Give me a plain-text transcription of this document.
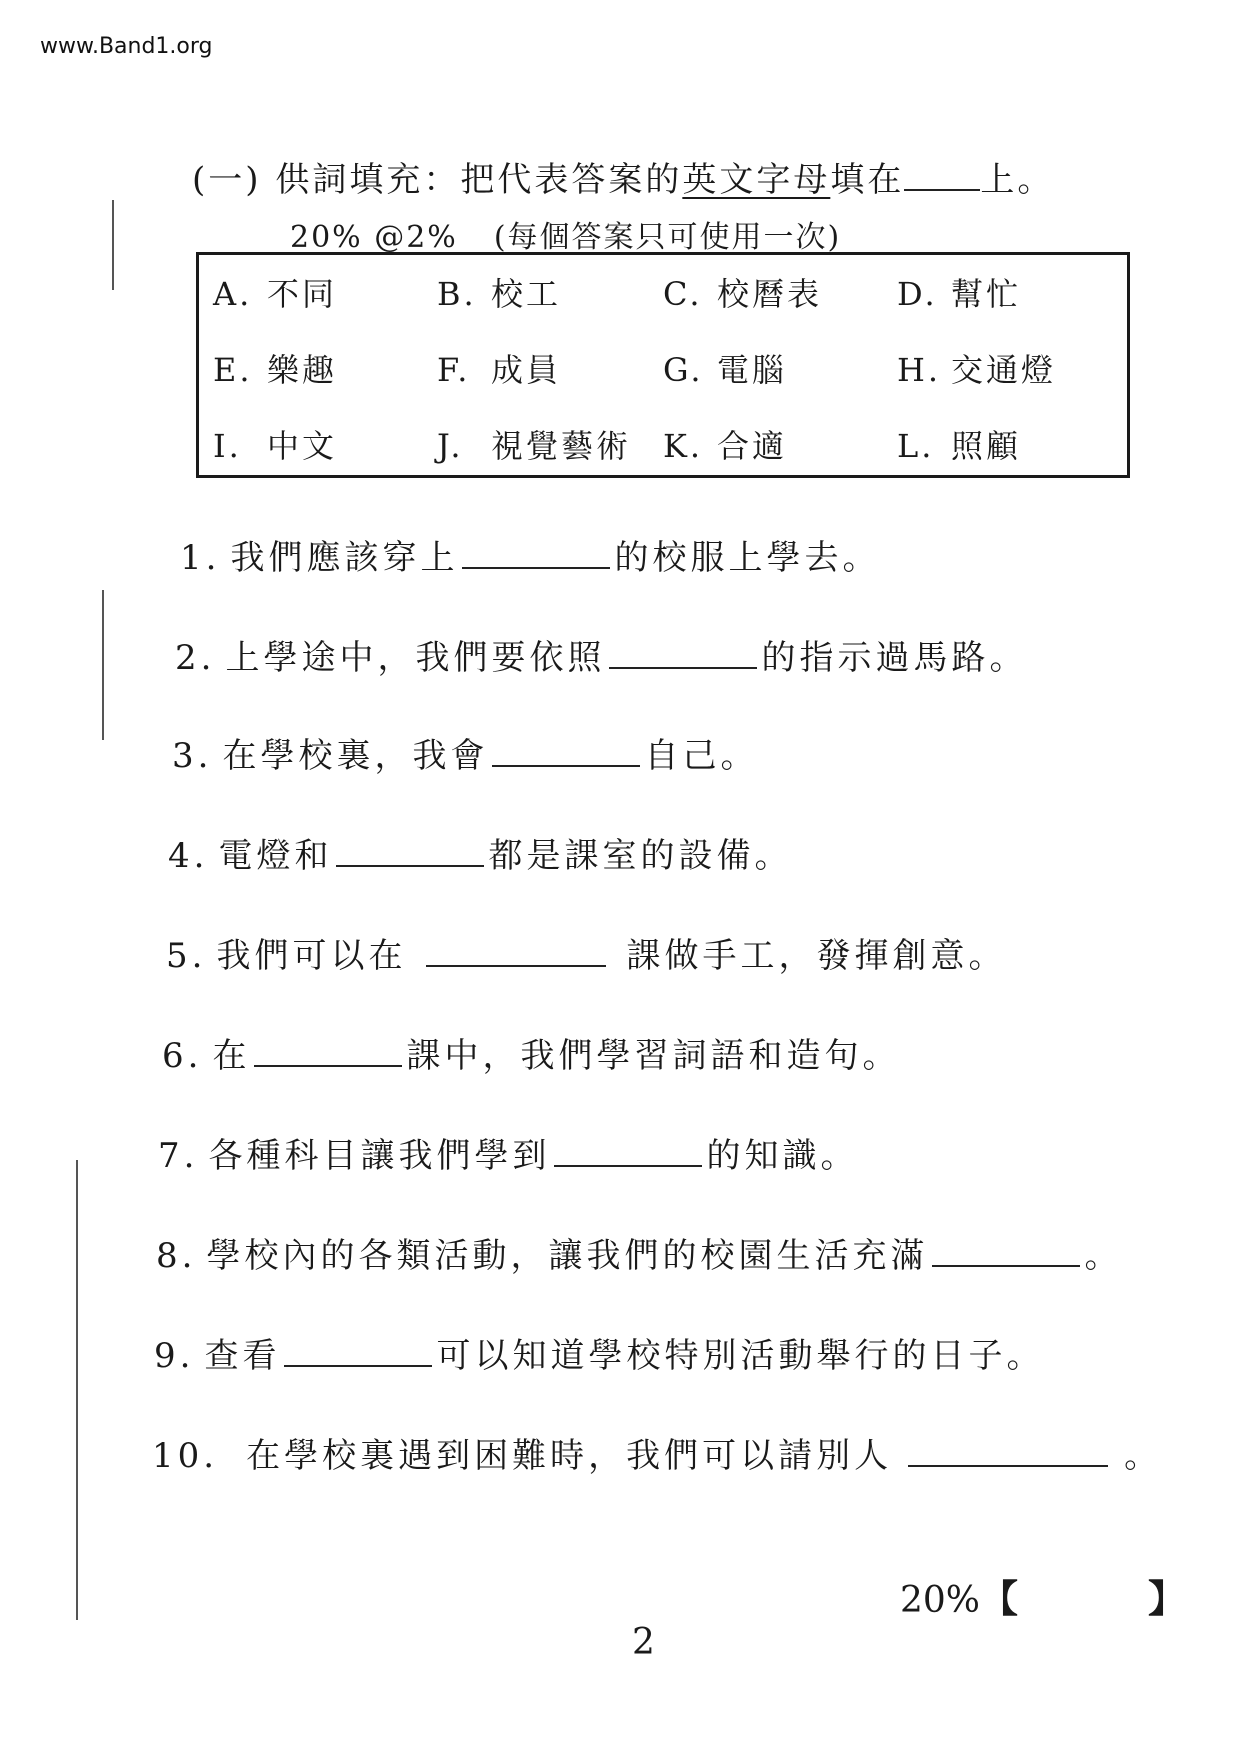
www.Band1.org
(一) 供詞填充：把代表答案的英文字母填在 上。
20% @2% (每個答案只可使用一次)
A. 不同	B. 校工	C. 校曆表 D. 幫忙
E. 樂趣	F. 成員	G. 電腦	H. 交通燈
I. 中文	J. 視覺藝術 K. 合適	L. 照顧
1. 我們應該穿上	的校服上學去。
2. 上學途中，我們要依照	的指示過馬路。
3. 在學校裏，我會	自己。
4. 電燈和	都是課室的設備。
5. 我們可以在	課做手工，發揮創意。
6. 在	課中，我們學習詞語和造句。
7. 各種科目讓我們學到	的知識。
8. 學校內的各類活動，讓我們的校園生活充滿	。
9. 查看	可以知道學校特別活動舉行的日子。
10. 在學校裏遇到困難時，我們可以請別人	。
20%【	】
2
